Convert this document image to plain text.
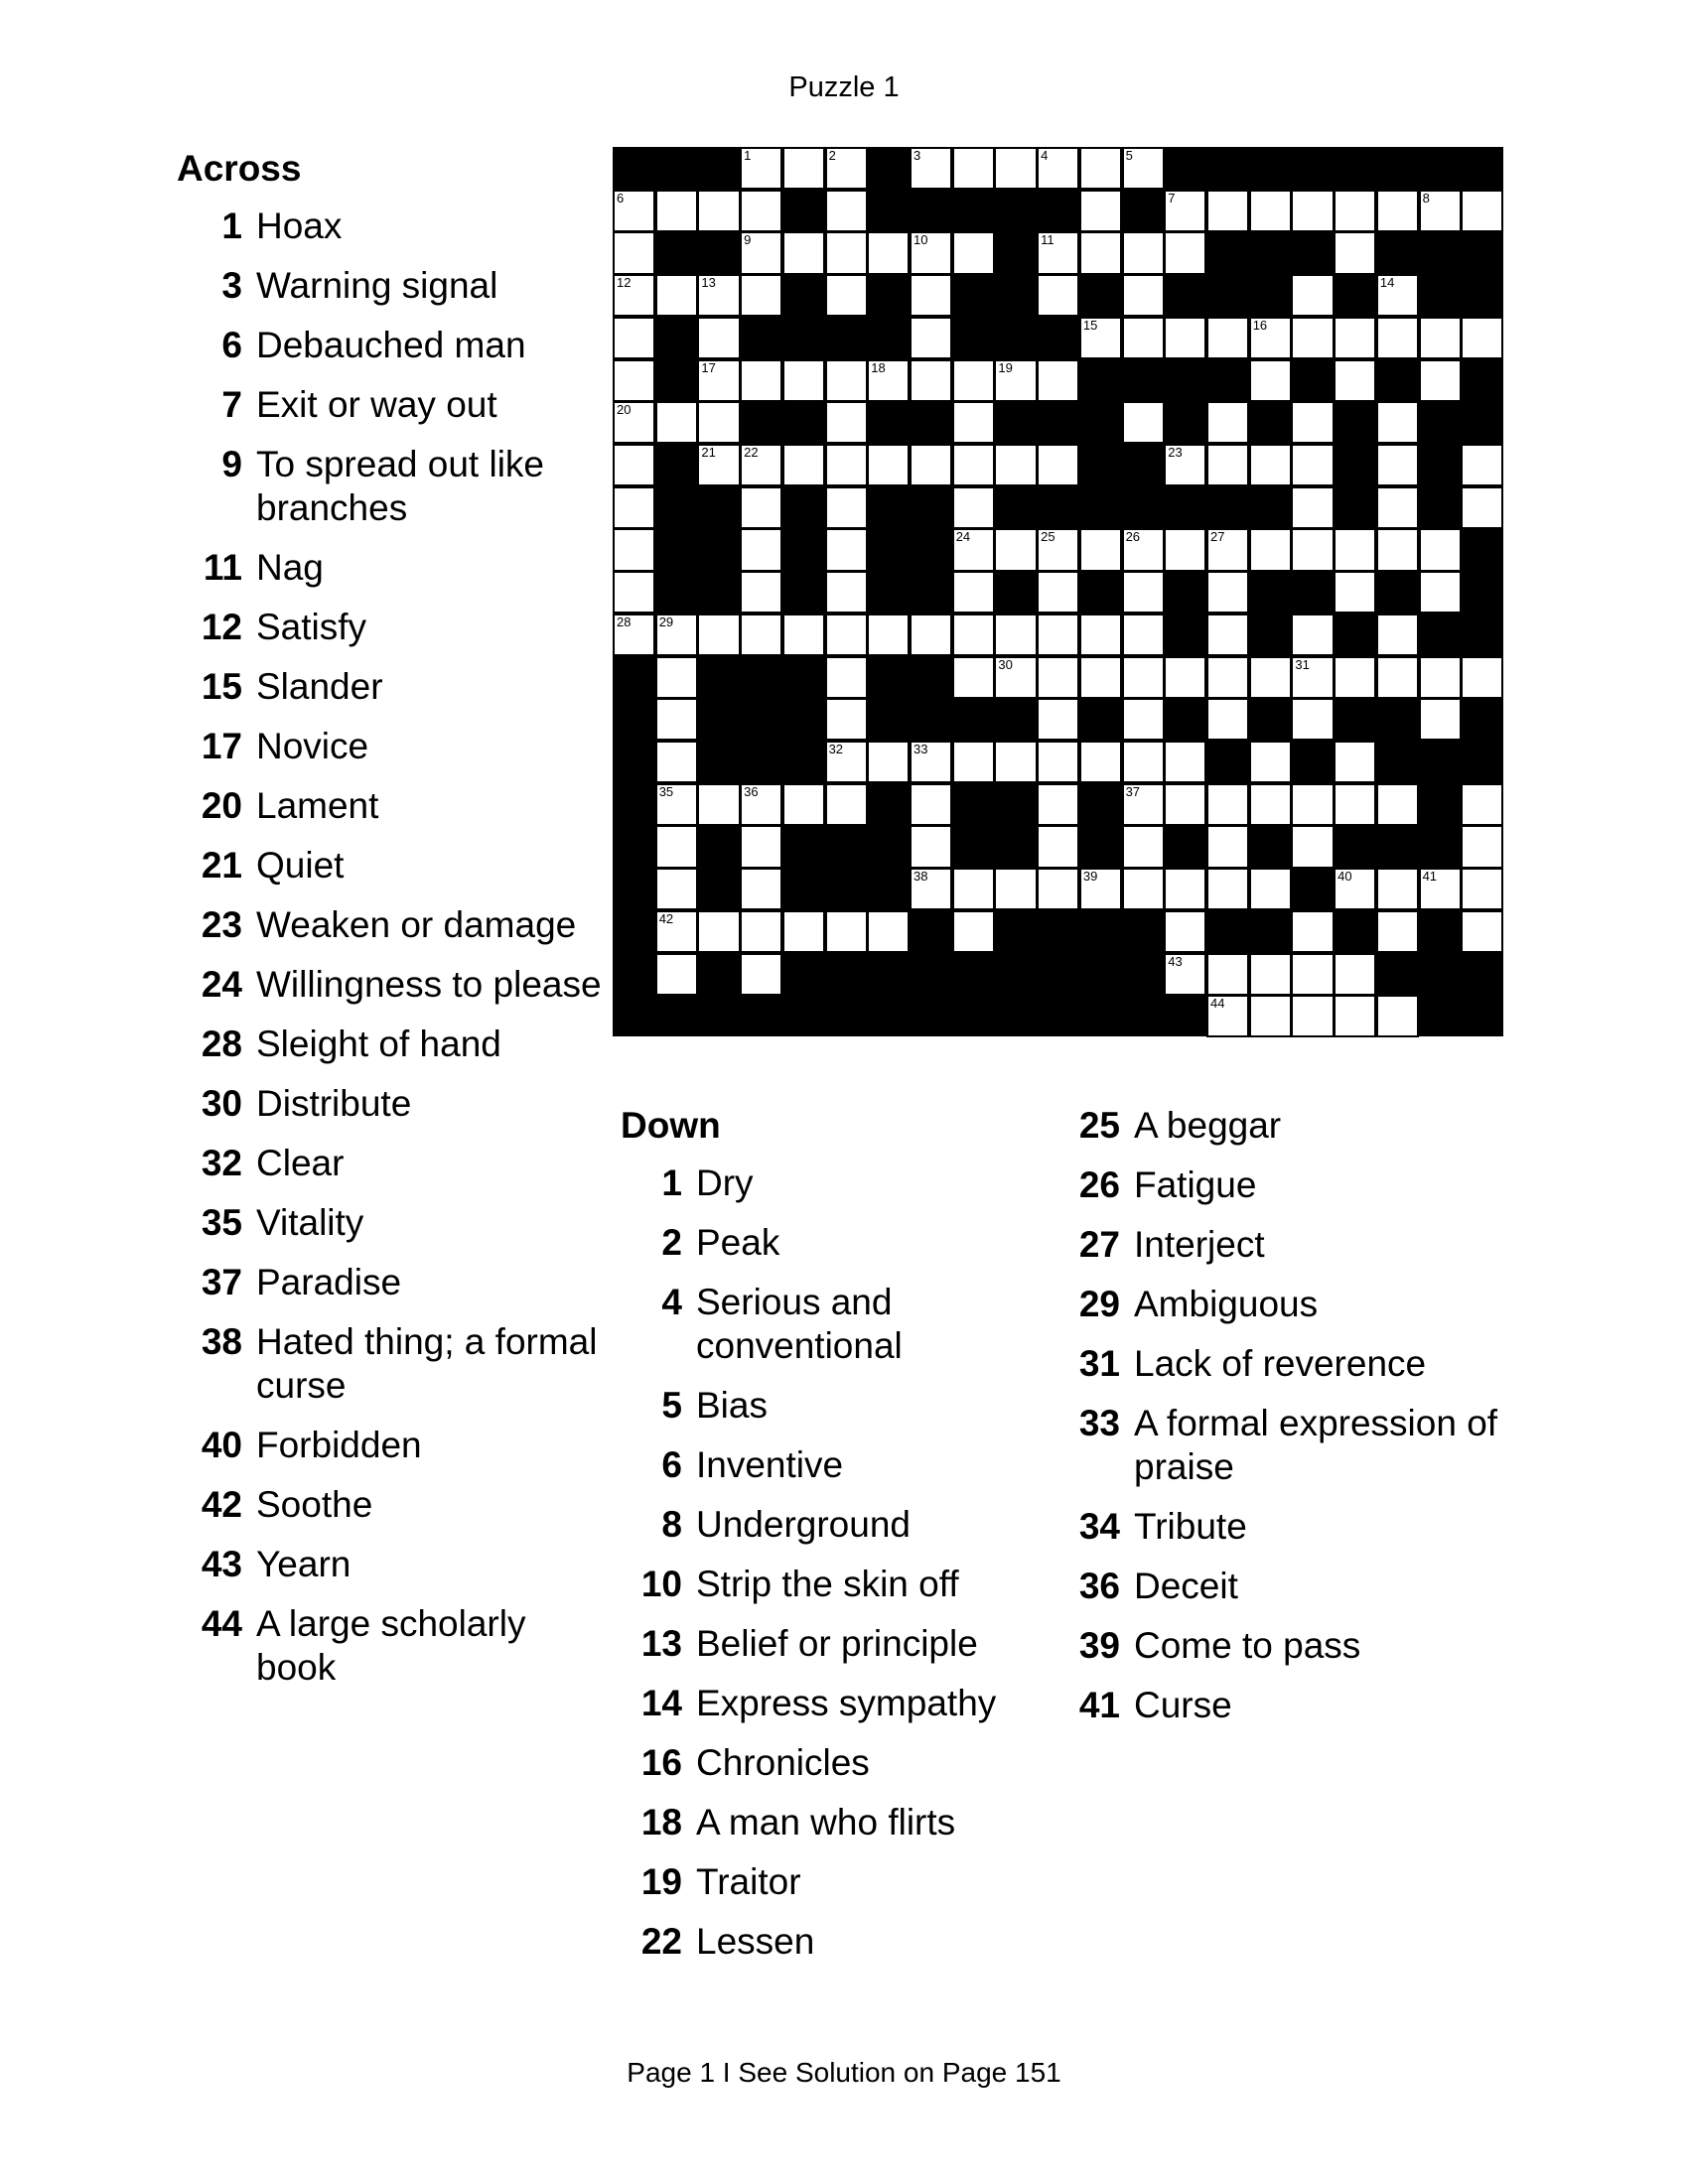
Puzzle 1
1	2	3	4	5
6	7	8
9	10	11
12	13	14
15	16
17	18	19
20
21 22	23
24	25	26	27
28 29
30	31
32	33
35	36	37
38	39	40	41
42
43
44
Across
1 Hoax
3 Warning signal
6 Debauched man
7 Exit or way out
9 To spread out like branches
11 Nag
12 Satisfy
15 Slander
17 Novice
20 Lament
21 Quiet
23 Weaken or damage
24 Willingness to please
28 Sleight of hand
30 Distribute
32 Clear
35 Vitality
37 Paradise
38 Hated thing; a formal curse
40 Forbidden
42 Soothe
43 Yearn
44 A large scholarly book
Down
1 Dry
2 Peak
4 Serious and conventional
5 Bias
6 Inventive
8 Underground
10 Strip the skin off
13 Belief or principle
14 Express sympathy
16 Chronicles
18 A man who flirts
19 Traitor
22 Lessen
25 A beggar
26 Fatigue
27 Interject
29 Ambiguous
31 Lack of reverence
33 A formal expression of praise
34 Tribute
36 Deceit
39 Come to pass
41 Curse
Page 1 I See Solution on Page 151
